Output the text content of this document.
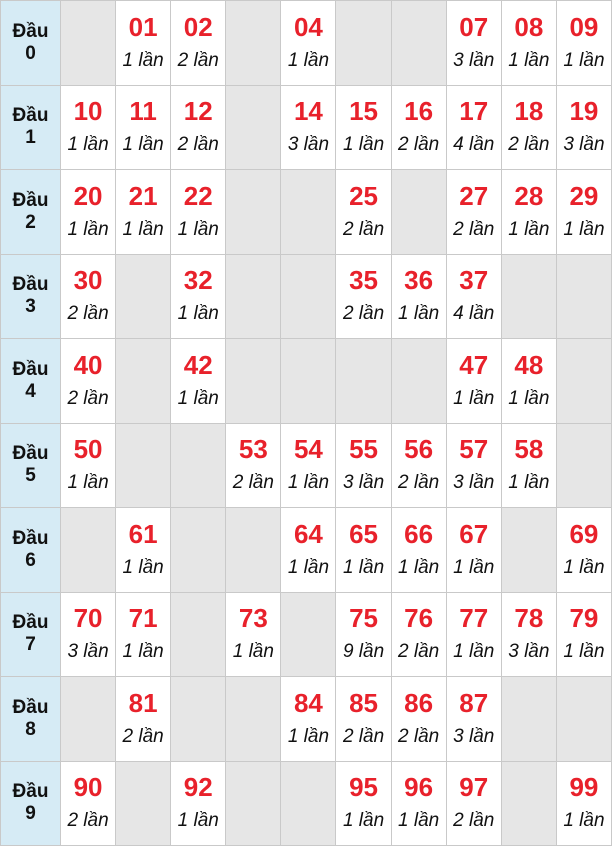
Đầu
0
01
1 lần
02
2 lần
04
1 lần
07
3 lần
08
1 lần
09
1 lần
Đầu
1
10
1 lần
11
1 lần
12
2 lần
14
3 lần
15
1 lần
16
2 lần
17
4 lần
18
2 lần
19
3 lần
Đầu
2
20
1 lần
21
1 lần
22
1 lần
25
2 lần
27
2 lần
28
1 lần
29
1 lần
Đầu
3
30
2 lần
32
1 lần
35
2 lần
36
1 lần
37
4 lần
Đầu
4
40
2 lần
42
1 lần
47
1 lần
48
1 lần
Đầu
5
50
1 lần
53
2 lần
54
1 lần
55
3 lần
56
2 lần
57
3 lần
58
1 lần
Đầu
6
61
1 lần
64
1 lần
65
1 lần
66
1 lần
67
1 lần
69
1 lần
Đầu
7
70
3 lần
71
1 lần
73
1 lần
75
9 lần
76
2 lần
77
1 lần
78
3 lần
79
1 lần
Đầu
8
81
2 lần
84
1 lần
85
2 lần
86
2 lần
87
3 lần
Đầu
9
90
2 lần
92
1 lần
95
1 lần
96
1 lần
97
2 lần
99
1 lần
